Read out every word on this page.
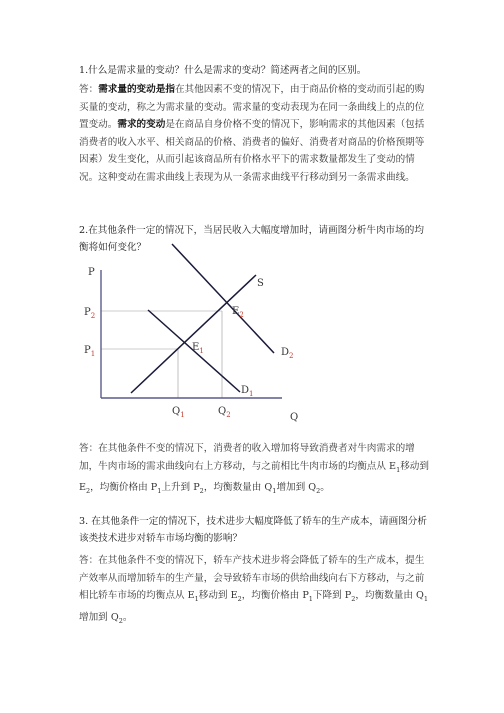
1.什么是需求量的变动？什么是需求的变动？简述两者之间的区别。
答：需求量的变动是指在其他因素不变的情况下，由于商品价格的变动而引起的购买量的变动，称之为需求量的变动。需求量的变动表现为在同一条曲线上的点的位置变动。需求的变动是在商品自身价格不变的情况下，影响需求的其他因素（包括消费者的收入水平、相关商品的价格、消费者的偏好、消费者对商品的价格预期等因素）发生变化，从而引起该商品所有价格水平下的需求数量都发生了变动的情况。这种变动在需求曲线上表现为从一条需求曲线平行移动到另一条需求曲线。
2.在其他条件一定的情况下，当居民收入大幅度增加时，请画图分析牛肉市场的均衡将如何变化？
P
Q
S
$P_2$
$P_1$
$E_2$
$E_1$	$D_2$
$D_1$
$Q_1$	$Q_2$
答：在其他条件不变的情况下，消费者的收入增加将导致消费者对牛肉需求的增加，牛肉市场的需求曲线向右上方移动，与之前相比牛肉市场的均衡点从 $E_1$移动到 $E_2$，均衡价格由 $P_1$上升到 $P_2$，均衡数量由 $Q_1$增加到 $Q_2$。
3. 在其他条件一定的情况下，技术进步大幅度降低了轿车的生产成本，请画图分析该类技术进步对轿车市场均衡的影响？
答：在其他条件不变的情况下，轿车产技术进步将会降低了轿车的生产成本，提生产效率从而增加轿车的生产量，会导致轿车市场的供给曲线向右下方移动，与之前相比轿车市场的均衡点从 $E_1$移动到 $E_2$，均衡价格由 $P_1$下降到 $P_2$，均衡数量由 $Q_1$增加到 $Q_2$。
